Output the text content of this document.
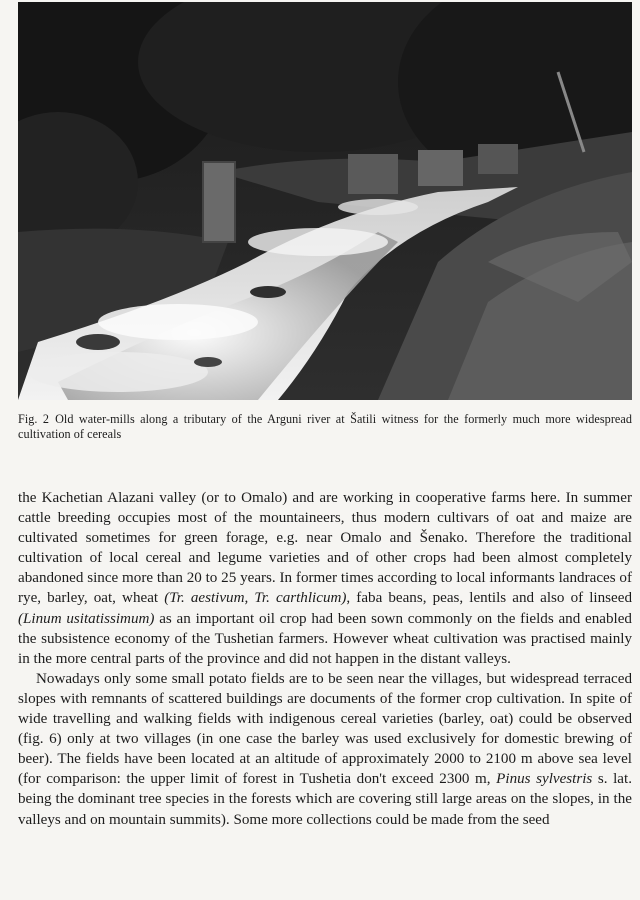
Fig. 2 Old water-mills along a tributary of the Arguni river at Šatili witness for the formerly much more widespread cultivation of cereals

the Kachetian Alazani valley (or to Omalo) and are working in cooperative farms here. In summer cattle breeding occupies most of the mountaineers, thus modern cultivars of oat and maize are cultivated sometimes for green forage, e.g. near Omalo and Šenako. Therefore the traditional cultivation of local cereal and legume varieties and of other crops had been almost completely abandoned since more than 20 to 25 years. In former times according to local informants landraces of rye, barley, oat, wheat (Tr. aestivum, Tr. carthlicum), faba beans, peas, lentils and also of linseed (Linum usitatissimum) as an important oil crop had been sown commonly on the fields and enabled the subsistence economy of the Tushetian farmers. However wheat cultivation was practised mainly in the more central parts of the province and did not happen in the distant valleys.

Nowadays only some small potato fields are to be seen near the villages, but widespread terraced slopes with remnants of scattered buildings are documents of the former crop cultivation. In spite of wide travelling and walking fields with indigenous cereal varieties (barley, oat) could be observed (fig. 6) only at two villages (in one case the barley was used exclusively for domestic brewing of beer). The fields have been located at an altitude of approximately 2000 to 2100 m above sea level (for comparison: the upper limit of forest in Tushetia don't exceed 2300 m, Pinus sylvestris s. lat. being the dominant tree species in the forests which are covering still large areas on the slopes, in the valleys and on mountain summits). Some more collections could be made from the seed
